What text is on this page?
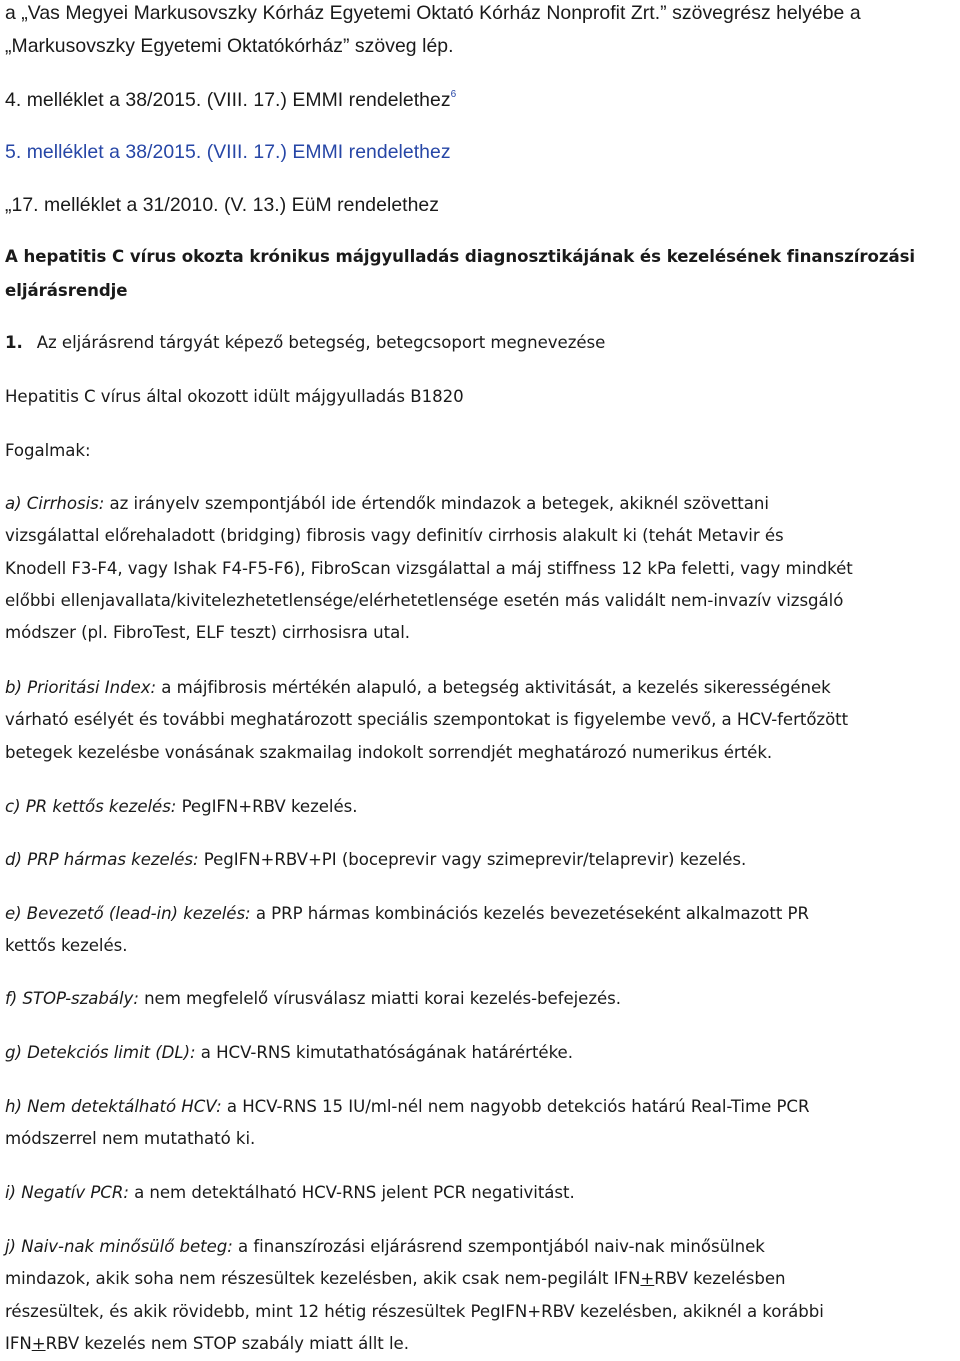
a „Vas Megyei Markusovszky Kórház Egyetemi Oktató Kórház Nonprofit Zrt.” szövegrész helyébe a
„Markusovszky Egyetemi Oktatókórház” szöveg lép.
4. melléklet a 38/2015. (VIII. 17.) EMMI rendelethez$^6$
5. melléklet a 38/2015. (VIII. 17.) EMMI rendelethez
„17. melléklet a 31/2010. (V. 13.) EüM rendelethez
A hepatitis C vírus okozta krónikus májgyulladás diagnosztikájának és kezelésének finanszírozási
eljárásrendje
1. Az eljárásrend tárgyát képező betegség, betegcsoport megnevezése
Hepatitis C vírus által okozott idült májgyulladás B1820
Fogalmak:
a) Cirrhosis: az irányelv szempontjából ide értendők mindazok a betegek, akiknél szövettani
vizsgálattal előrehaladott (bridging) fibrosis vagy definitív cirrhosis alakult ki (tehát Metavir és
Knodell F3-F4, vagy Ishak F4-F5-F6), FibroScan vizsgálattal a máj stiffness 12 kPa feletti, vagy mindkét
előbbi ellenjavallata/kivitelezhetetlensége/elérhetetlensége esetén más validált nem-invazív vizsgáló
módszer (pl. FibroTest, ELF teszt) cirrhosisra utal.
b) Prioritási Index: a májfibrosis mértékén alapuló, a betegség aktivitását, a kezelés sikerességének
várható esélyét és további meghatározott speciális szempontokat is figyelembe vevő, a HCV-fertőzött
betegek kezelésbe vonásának szakmailag indokolt sorrendjét meghatározó numerikus érték.
c) PR kettős kezelés: PegIFN+RBV kezelés.
d) PRP hármas kezelés: PegIFN+RBV+PI (boceprevir vagy szimeprevir/telaprevir) kezelés.
e) Bevezető (lead-in) kezelés: a PRP hármas kombinációs kezelés bevezetéseként alkalmazott PR
kettős kezelés.
f) STOP-szabály: nem megfelelő vírusválasz miatti korai kezelés-befejezés.
g) Detekciós limit (DL): a HCV-RNS kimutathatóságának határértéke.
h) Nem detektálható HCV: a HCV-RNS 15 IU/ml-nél nem nagyobb detekciós határú Real-Time PCR
módszerrel nem mutatható ki.
i) Negatív PCR: a nem detektálható HCV-RNS jelent PCR negativitást.
j) Naiv-nak minősülő beteg: a finanszírozási eljárásrend szempontjából naiv-nak minősülnek
mindazok, akik soha nem részesültek kezelésben, akik csak nem-pegilált IFN+RBV kezelésben
részesültek, és akik rövidebb, mint 12 hétig részesültek PegIFN+RBV kezelésben, akiknél a korábbi
IFN+RBV kezelés nem STOP szabály miatt állt le.
